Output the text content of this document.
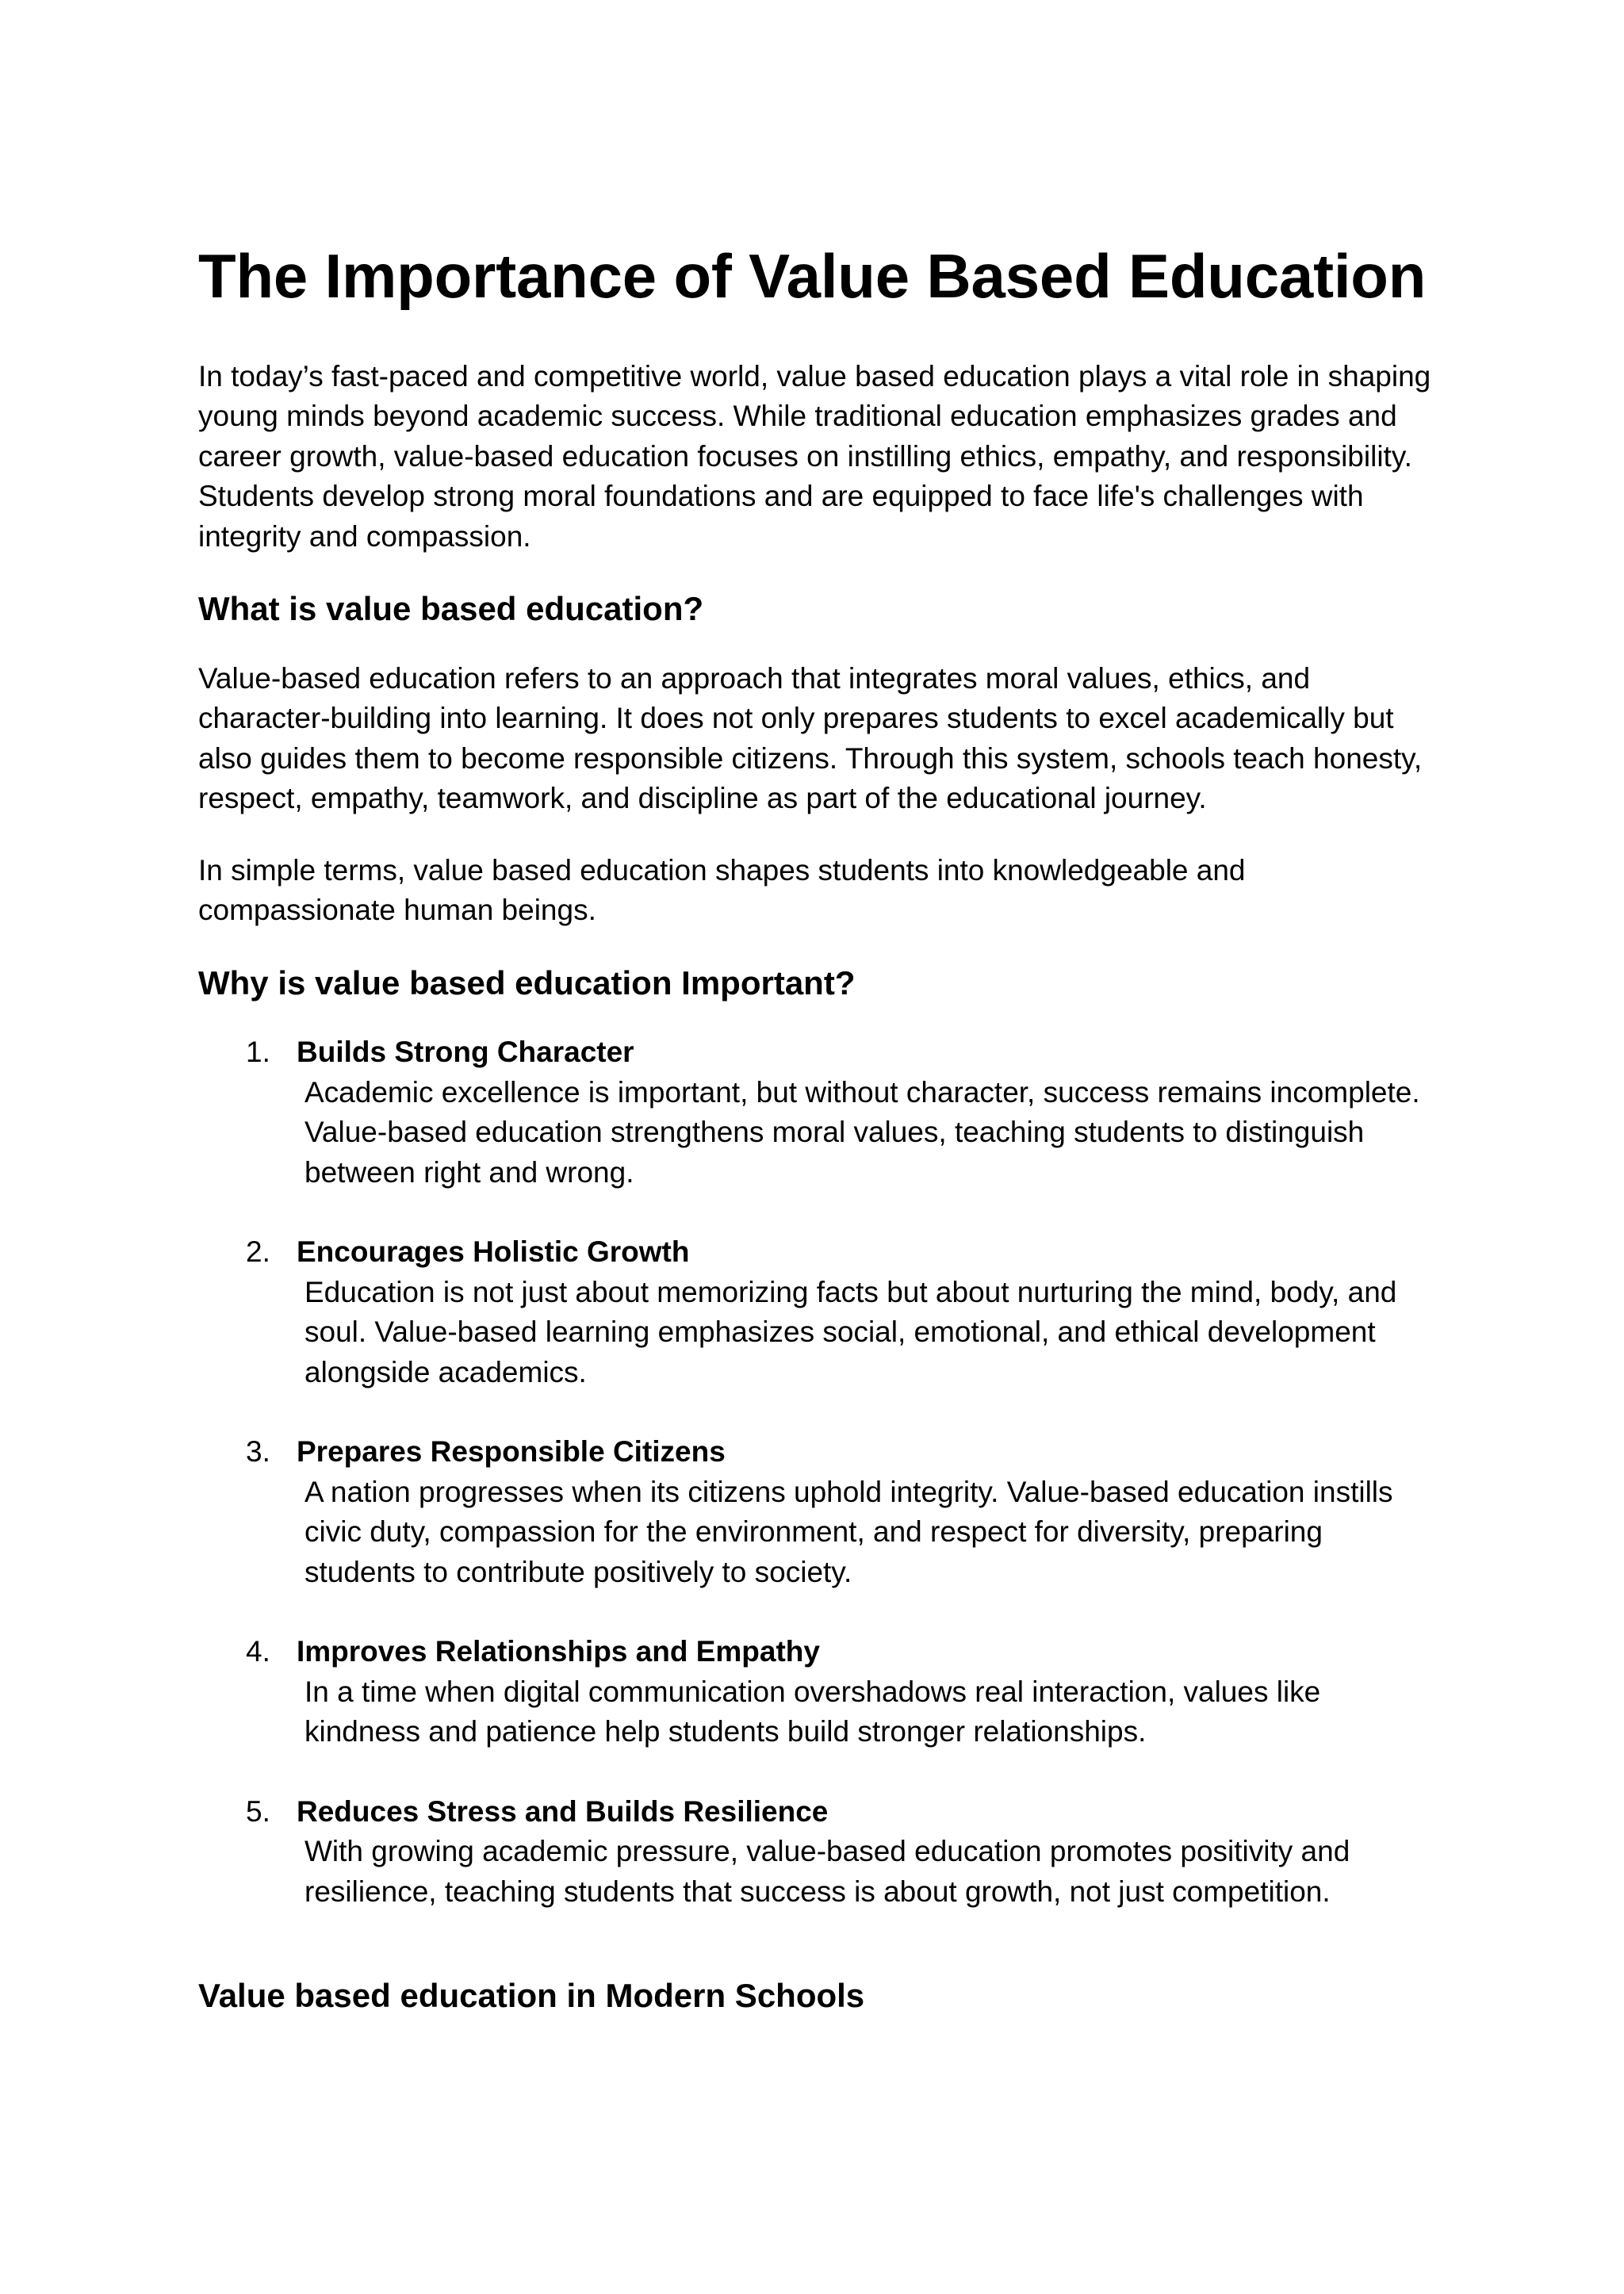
The Importance of Value Based Education

In today’s fast-paced and competitive world, value based education plays a vital role in shaping young minds beyond academic success. While traditional education emphasizes grades and career growth, value-based education focuses on instilling ethics, empathy, and responsibility. Students develop strong moral foundations and are equipped to face life's challenges with integrity and compassion.

What is value based education?

Value-based education refers to an approach that integrates moral values, ethics, and character-building into learning. It does not only prepares students to excel academically but also guides them to become responsible citizens. Through this system, schools teach honesty, respect, empathy, teamwork, and discipline as part of the educational journey.

In simple terms, value based education shapes students into knowledgeable and compassionate human beings.

Why is value based education Important?
1. Builds Strong Character
Academic excellence is important, but without character, success remains incomplete. Value-based education strengthens moral values, teaching students to distinguish between right and wrong.
2. Encourages Holistic Growth
Education is not just about memorizing facts but about nurturing the mind, body, and soul. Value-based learning emphasizes social, emotional, and ethical development alongside academics.
3. Prepares Responsible Citizens
A nation progresses when its citizens uphold integrity. Value-based education instills civic duty, compassion for the environment, and respect for diversity, preparing students to contribute positively to society.
4. Improves Relationships and Empathy
In a time when digital communication overshadows real interaction, values like kindness and patience help students build stronger relationships.
5. Reduces Stress and Builds Resilience
With growing academic pressure, value-based education promotes positivity and resilience, teaching students that success is about growth, not just competition.
Value based education in Modern Schools
